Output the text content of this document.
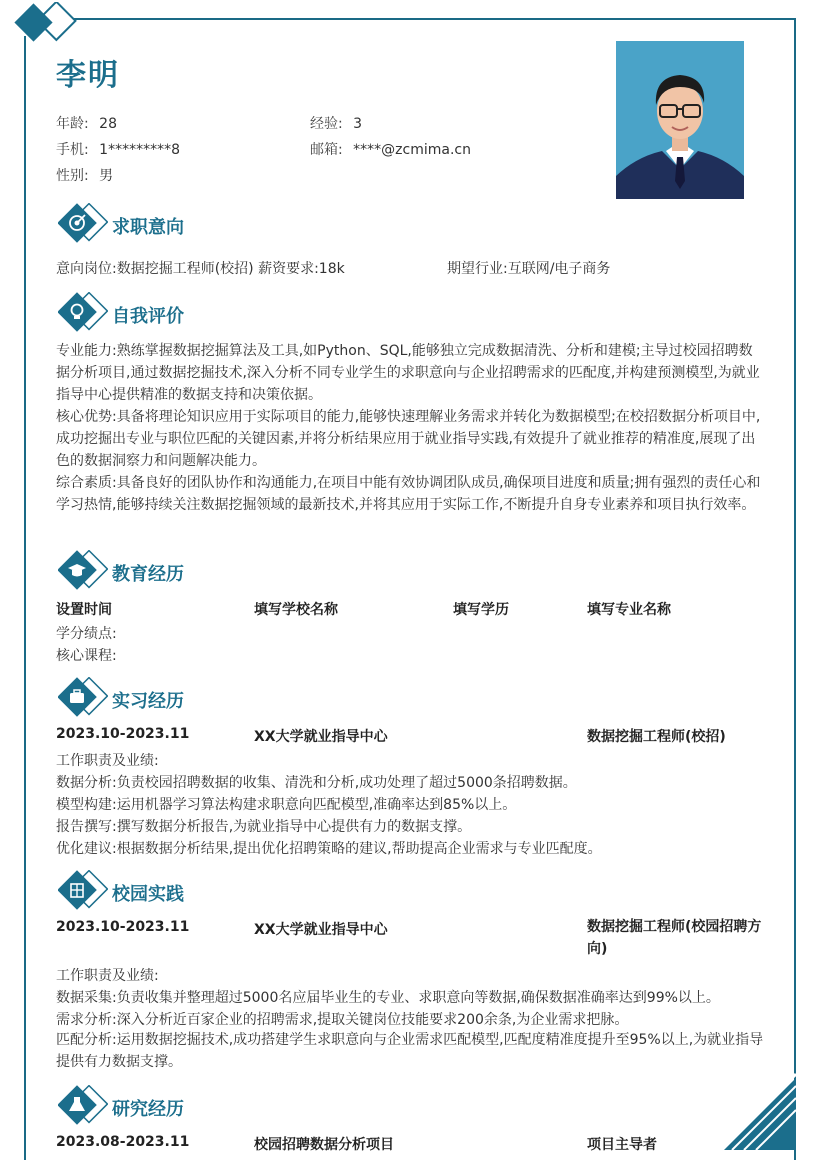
李明
年龄: 28	经验: 3
手机: 1*********8	邮箱: ****@zcmima.cn
性别: 男
求职意向
意向岗位:数据挖掘工程师(校招) 薪资要求:18k	期望行业:互联网/电子商务
自我评价
专业能力:熟练掌握数据挖掘算法及工具,如Python、SQL,能够独立完成数据清洗、分析和建模;主导过校园招聘数据分析项目,通过数据挖掘技术,深入分析不同专业学生的求职意向与企业招聘需求的匹配度,并构建预测模型,为就业指导中心提供精准的数据支持和决策依据。
核心优势:具备将理论知识应用于实际项目的能力,能够快速理解业务需求并转化为数据模型;在校招数据分析项目中,成功挖掘出专业与职位匹配的关键因素,并将分析结果应用于就业指导实践,有效提升了就业推荐的精准度,展现了出色的数据洞察力和问题解决能力。
综合素质:具备良好的团队协作和沟通能力,在项目中能有效协调团队成员,确保项目进度和质量;拥有强烈的责任心和学习热情,能够持续关注数据挖掘领域的最新技术,并将其应用于实际工作,不断提升自身专业素养和项目执行效率。
教育经历
设置时间	填写学校名称	填写学历	填写专业名称
学分绩点:
核心课程:
实习经历
2023.10-2023.11	XX大学就业指导中心	数据挖掘工程师(校招)
工作职责及业绩:
数据分析:负责校园招聘数据的收集、清洗和分析,成功处理了超过5000条招聘数据。
模型构建:运用机器学习算法构建求职意向匹配模型,准确率达到85%以上。
报告撰写:撰写数据分析报告,为就业指导中心提供有力的数据支撑。
优化建议:根据数据分析结果,提出优化招聘策略的建议,帮助提高企业需求与专业匹配度。
校园实践
2023.10-2023.11	XX大学就业指导中心	数据挖掘工程师(校园招聘方向)
工作职责及业绩:
数据采集:负责收集并整理超过5000名应届毕业生的专业、求职意向等数据,确保数据准确率达到99%以上。
需求分析:深入分析近百家企业的招聘需求,提取关键岗位技能要求200余条,为企业需求把脉。
匹配分析:运用数据挖掘技术,成功搭建学生求职意向与企业需求匹配模型,匹配度精准度提升至95%以上,为就业指导提供有力数据支撑。
研究经历
2023.08-2023.11	校园招聘数据分析项目	项目主导者
